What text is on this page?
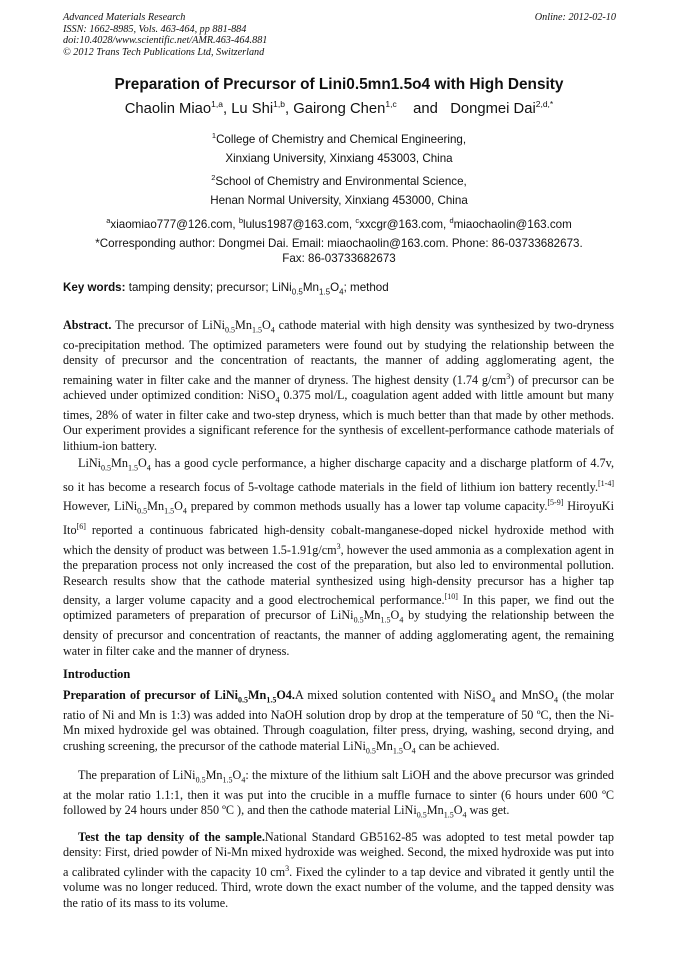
Advanced Materials Research
ISSN: 1662-8985, Vols. 463-464, pp 881-884
doi:10.4028/www.scientific.net/AMR.463-464.881
© 2012 Trans Tech Publications Ltd, Switzerland
Online: 2012-02-10
Preparation of Precursor of Lini0.5mn1.5o4 with High Density
Chaolin Miao$^{1,a}$, Lu Shi$^{1,b}$, Gairong Chen$^{1,c}$ and Dongmei Dai$^{2,d,*}$
$^1$College of Chemistry and Chemical Engineering,
Xinxiang University, Xinxiang 453003, China
$^2$School of Chemistry and Environmental Science,
Henan Normal University, Xinxiang 453000, China
$^a$xiaomiao777@126.com, $^b$lulus1987@163.com, $^c$xxcgr@163.com, $^d$miaochaolin@163.com
*Corresponding author: Dongmei Dai. Email: miaochaolin@163.com. Phone: 86-03733682673.
Fax: 86-03733682673
Key words: tamping density; precursor; $LiNi_{0.5}Mn_{1.5}O_4$; method
Abstract. The precursor of $LiNi_{0.5}Mn_{1.5}O_4$ cathode material with high density was synthesized by two-dryness co-precipitation method. The optimized parameters were found out by studying the relationship between the density of precursor and the concentration of reactants, the manner of adding agglomerating agent, the remaining water in filter cake and the manner of dryness. The highest density (1.74 $g/cm^3$) of precursor can be achieved under optimized condition: NiSO$_4$ 0.375 mol/L, coagulation agent added with little amount but many times, 28% of water in filter cake and two-step dryness, which is much better than that made by other methods. Our experiment provides a significant reference for the synthesis of excellent-performance cathode materials of lithium-ion battery.
$LiNi_{0.5}Mn_{1.5}O_4$ has a good cycle performance, a higher discharge capacity and a discharge platform of 4.7v, so it has become a research focus of 5-voltage cathode materials in the field of lithium ion battery recently.[1-4] However, $LiNi_{0.5}Mn_{1.5}O_4$ prepared by common methods usually has a lower tap volume capacity.[5-9] HiroyuKi Ito[6] reported a continuous fabricated high-density cobalt-manganese-doped nickel hydroxide method with which the density of product was between $1.5-1.91g/cm^3$, however the used ammonia as a complexation agent in the preparation process not only increased the cost of the preparation, but also led to environmental pollution. Research results show that the cathode material synthesized using high-density precursor has a higher tap density, a larger volume capacity and a good electrochemical performance.[10] In this paper, we find out the optimized parameters of preparation of precursor of $LiNi_{0.5}Mn_{1.5}O_4$ by studying the relationship between the density of precursor and concentration of reactants, the manner of adding agglomerating agent, the remaining water in filter cake and the manner of dryness.
Introduction
Preparation of precursor of $LiNi_{0.5}Mn_{1.5}O4.A$ mixed solution contented with NiSO$_4$ and MnSO$_4$ (the molar ratio of Ni and Mn is 1:3) was added into NaOH solution drop by drop at the temperature of 50 ºC, then the Ni-Mn mixed hydroxide gel was obtained. Through coagulation, filter press, drying, washing, second drying, and crushing screening, the precursor of the cathode material $LiNi_{0.5}Mn_{1.5}O_4$ can be achieved.
The preparation of $LiNi_{0.5}Mn_{1.5}O_4$: the mixture of the lithium salt LiOH and the above precursor was grinded at the molar ratio 1.1:1, then it was put into the crucible in a muffle furnace to sinter (6 hours under 600 ºC followed by 24 hours under 850 ºC ), and then the cathode material $LiNi_{0.5}Mn_{1.5}O_4$ was get.
Test the tap density of the sample.National Standard GB5162-85 was adopted to test metal powder tap density: First, dried powder of Ni-Mn mixed hydroxide was weighed. Second, the mixed hydroxide was put into a calibrated cylinder with the capacity 10 $cm^3$. Fixed the cylinder to a tap device and vibrated it gently until the volume was no longer reduced. Third, wrote down the exact number of the volume, and the tapped density was the ratio of its mass to its volume.
